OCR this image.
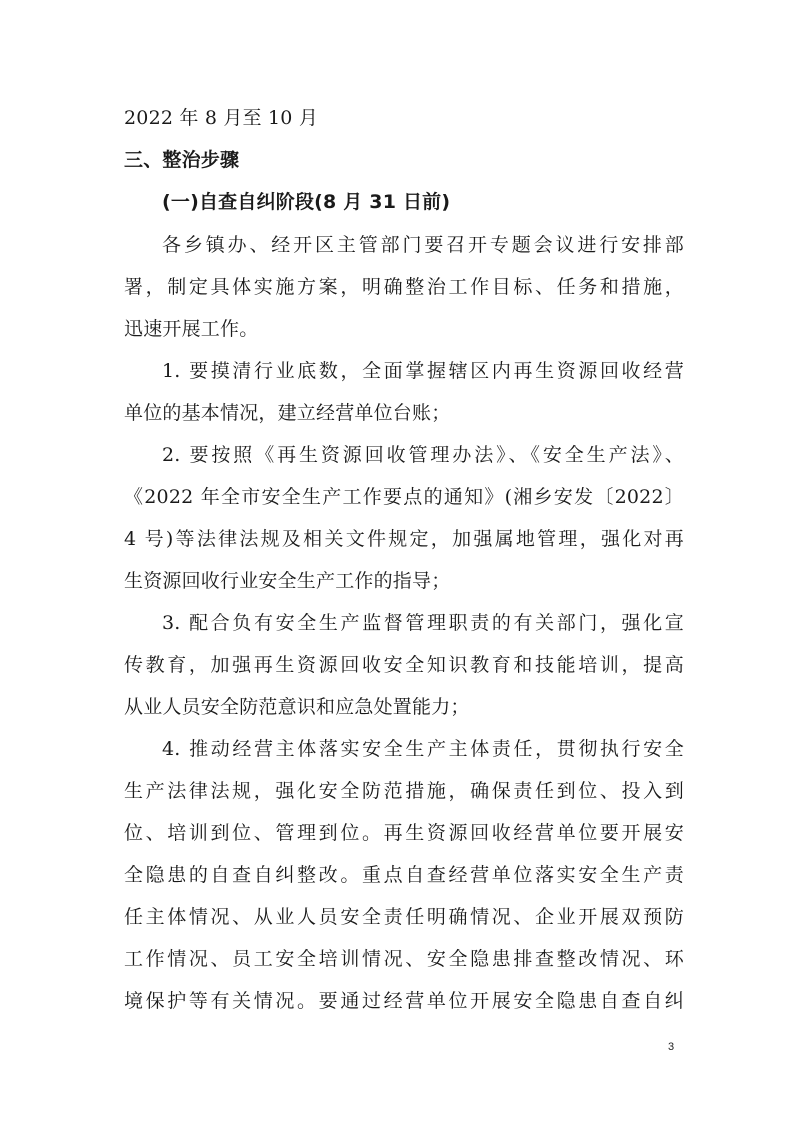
2022 年 8 月至 10 月
三、整治步骤
(一)自查自纠阶段(8 月 31 日前)
各乡镇办、经开区主管部门要召开专题会议进行安排部
署，制定具体实施方案，明确整治工作目标、任务和措施，
迅速开展工作。
1. 要摸清行业底数，全面掌握辖区内再生资源回收经营
单位的基本情况，建立经营单位台账；
2. 要按照《再生资源回收管理办法》、《安全生产法》、
《2022 年全市安全生产工作要点的通知》(湘乡安发〔2022〕
4 号)等法律法规及相关文件规定，加强属地管理，强化对再
生资源回收行业安全生产工作的指导；
3. 配合负有安全生产监督管理职责的有关部门，强化宣
传教育，加强再生资源回收安全知识教育和技能培训，提高
从业人员安全防范意识和应急处置能力；
4. 推动经营主体落实安全生产主体责任，贯彻执行安全
生产法律法规，强化安全防范措施，确保责任到位、投入到
位、培训到位、管理到位。再生资源回收经营单位要开展安
全隐患的自查自纠整改。重点自查经营单位落实安全生产责
任主体情况、从业人员安全责任明确情况、企业开展双预防
工作情况、员工安全培训情况、安全隐患排查整改情况、环
境保护等有关情况。要通过经营单位开展安全隐患自查自纠
3
